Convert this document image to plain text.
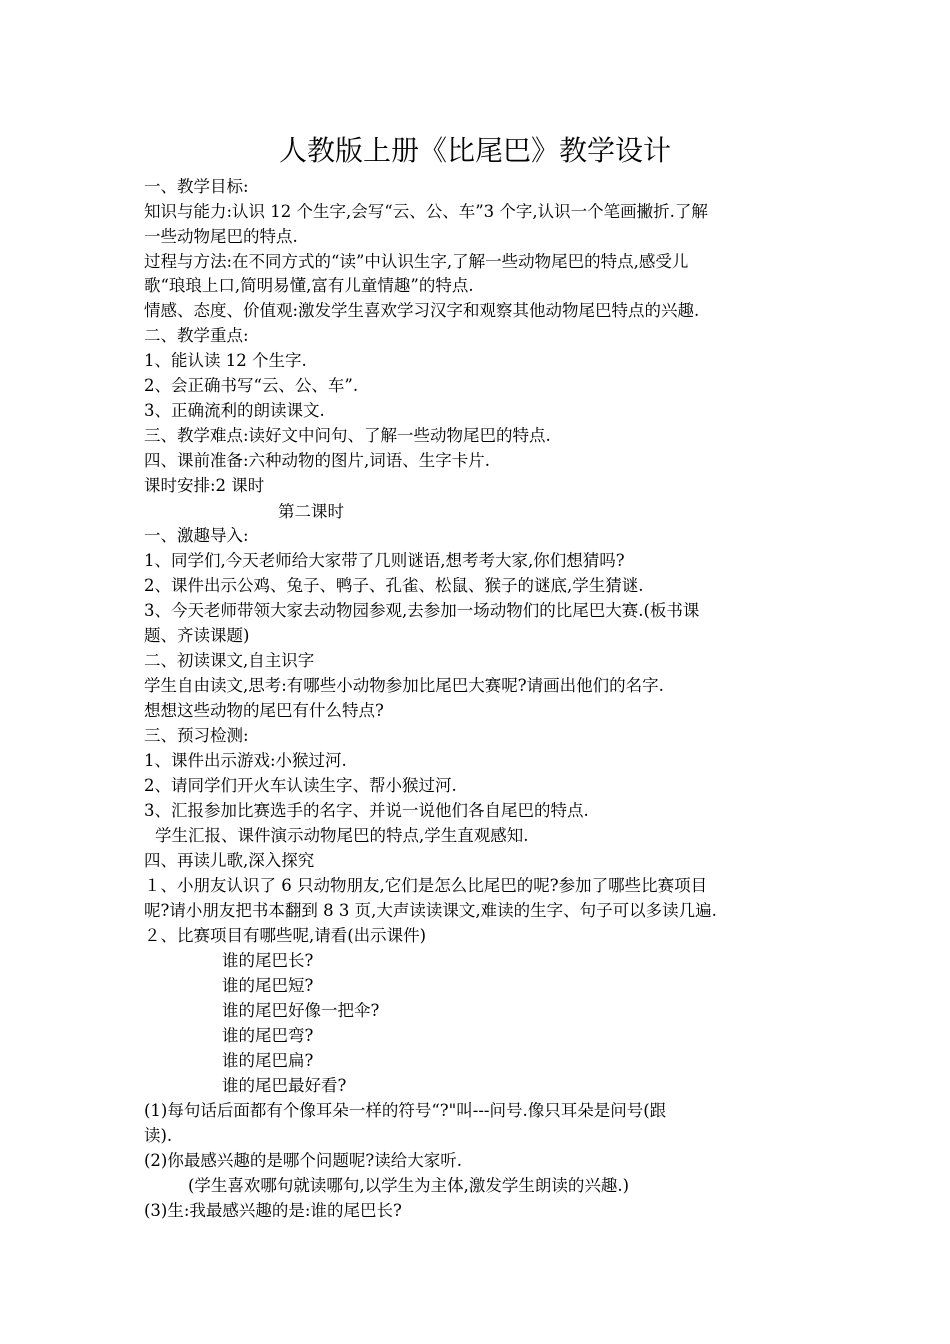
人教版上册《比尾巴》教学设计
一、教学目标:
知识与能力:认识 12 个生字,会写“云、公、车”3 个字,认识一个笔画撇折.了解
一些动物尾巴的特点.
过程与方法:在不同方式的“读”中认识生字,了解一些动物尾巴的特点,感受儿
歌“琅琅上口,简明易懂,富有儿童情趣”的特点.
情感、态度、价值观:激发学生喜欢学习汉字和观察其他动物尾巴特点的兴趣.
二、教学重点:
1、能认读 12 个生字.
2、会正确书写“云、公、车”.
3、正确流利的朗读课文.
三、教学难点:读好文中问句、了解一些动物尾巴的特点.
四、课前准备:六种动物的图片,词语、生字卡片.
课时安排:2 课时
第二课时
一、激趣导入:
1、同学们,今天老师给大家带了几则谜语,想考考大家,你们想猜吗?
2、课件出示公鸡、兔子、鸭子、孔雀、松鼠、猴子的谜底,学生猜谜.
3、今天老师带领大家去动物园参观,去参加一场动物们的比尾巴大赛.(板书课
题、齐读课题)
二、初读课文,自主识字
学生自由读文,思考:有哪些小动物参加比尾巴大赛呢?请画出他们的名字.
想想这些动物的尾巴有什么特点?
三、预习检测:
1、课件出示游戏:小猴过河.
2、请同学们开火车认读生字、帮小猴过河.
3、汇报参加比赛选手的名字、并说一说他们各自尾巴的特点.
学生汇报、课件演示动物尾巴的特点,学生直观感知.
四、再读儿歌,深入探究
１、小朋友认识了 6 只动物朋友,它们是怎么比尾巴的呢?参加了哪些比赛项目
呢?请小朋友把书本翻到 8 3 页,大声读读课文,难读的生字、句子可以多读几遍.
２、比赛项目有哪些呢,请看(出示课件)
谁的尾巴长?
谁的尾巴短?
谁的尾巴好像一把伞?
谁的尾巴弯?
谁的尾巴扁?
谁的尾巴最好看?
(1)每句话后面都有个像耳朵一样的符号“?"叫---问号.像只耳朵是问号(跟
读).
(2)你最感兴趣的是哪个问题呢?读给大家听.
(学生喜欢哪句就读哪句,以学生为主体,激发学生朗读的兴趣.)
(3)生:我最感兴趣的是:谁的尾巴长?
